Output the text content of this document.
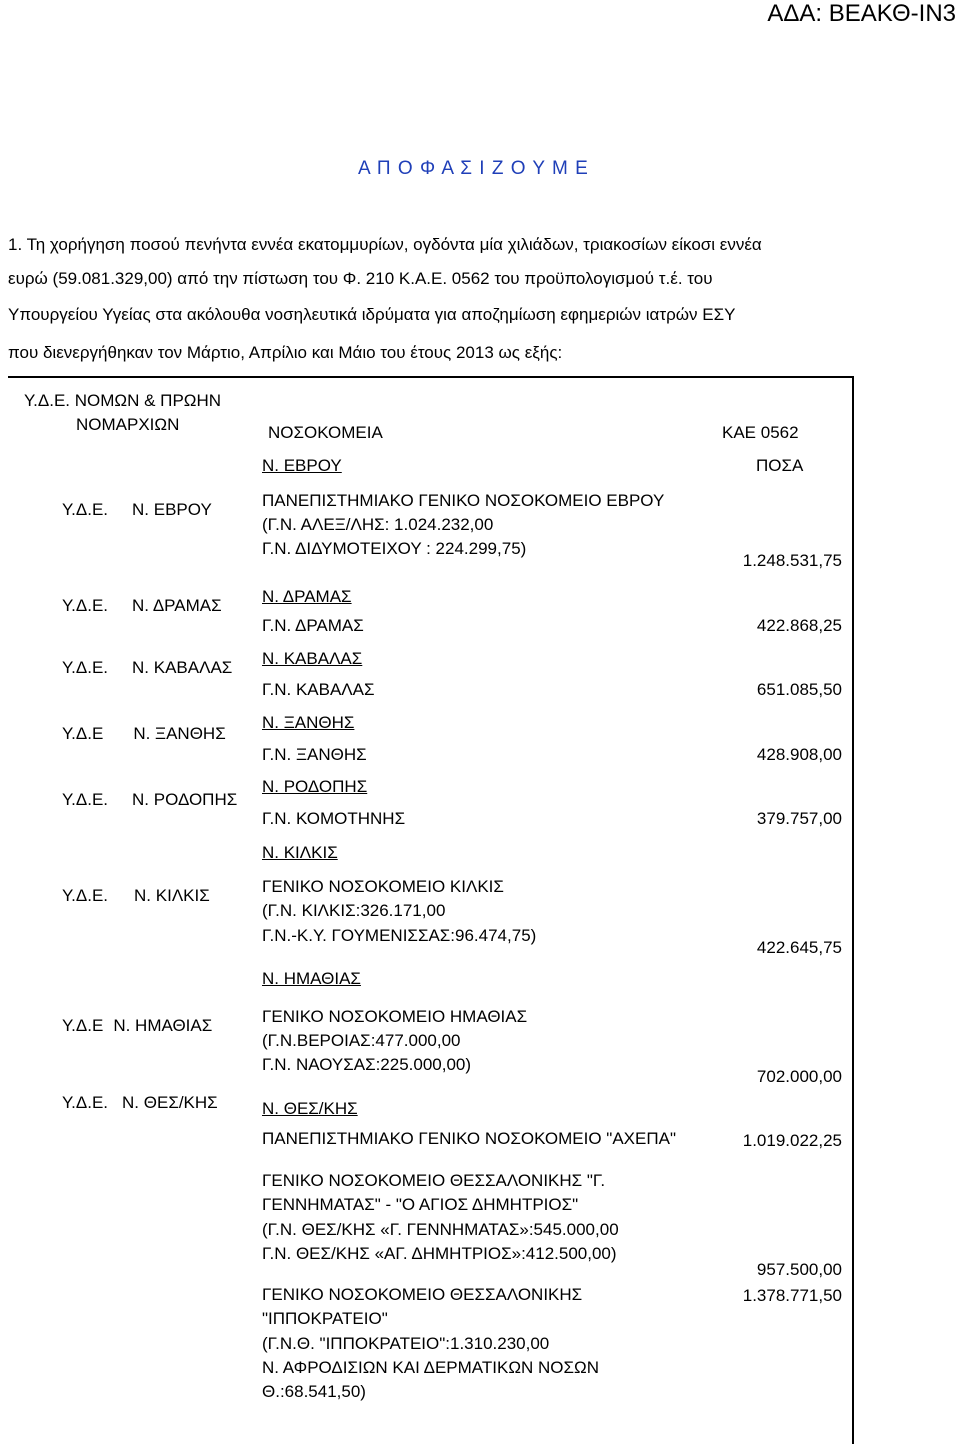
ΑΔΑ: ΒΕΑΚΘ-ΙΝ3
Α Π Ο Φ Α Σ Ι Ζ Ο Υ Μ Ε
1. Τη χορήγηση ποσού πενήντα εννέα εκατομμυρίων, ογδόντα μία χιλιάδων, τριακοσίων είκοσι εννέα
ευρώ (59.081.329,00) από την πίστωση του Φ. 210 Κ.Α.Ε. 0562 του προϋπολογισμού τ.έ. του
Υπουργείου Υγείας στα ακόλουθα νοσηλευτικά ιδρύματα για αποζημίωση εφημεριών ιατρών ΕΣΥ
που διενεργήθηκαν τον Μάρτιο, Απρίλιο και Μάιο του έτους 2013 ως εξής:
Υ.Δ.Ε. ΝΟΜΩΝ & ΠΡΩΗΝ
ΝΟΜΑΡΧΙΩΝ	ΝΟΣΟΚΟΜΕΙΑ	ΚΑΕ 0562
ΠΟΣΑ
Υ.Δ.Ε. Ν. ΕΒΡΟΥ
Υ.Δ.Ε. Ν. ΔΡΑΜΑΣ
Υ.Δ.Ε. Ν. ΚΑΒΑΛΑΣ
Υ.Δ.Ε Ν. ΞΑΝΘΗΣ
Υ.Δ.Ε. Ν. ΡΟΔΟΠΗΣ
Υ.Δ.Ε. Ν. ΚΙΛΚΙΣ
Υ.Δ.Ε Ν. ΗΜΑΘΙΑΣ
Υ.Δ.Ε. Ν. ΘΕΣ/ΚΗΣ
Ν. ΕΒΡΟΥ
ΠΑΝΕΠΙΣΤΗΜΙΑΚΟ ΓΕΝΙΚΟ ΝΟΣΟΚΟΜΕΙΟ ΕΒΡΟΥ
(Γ.Ν. ΑΛΕΞ/ΛΗΣ: 1.024.232,00
Γ.Ν. ΔΙΔΥΜΟΤΕΙΧΟΥ : 224.299,75)
Ν. ΔΡΑΜΑΣ
Γ.Ν. ΔΡΑΜΑΣ
Ν. ΚΑΒΑΛΑΣ
Γ.Ν. ΚΑΒΑΛΑΣ
Ν. ΞΑΝΘΗΣ
Γ.Ν. ΞΑΝΘΗΣ
Ν. ΡΟΔΟΠΗΣ
Γ.Ν. ΚΟΜΟΤΗΝΗΣ
Ν. ΚΙΛΚΙΣ
ΓΕΝΙΚΟ ΝΟΣΟΚΟΜΕΙΟ ΚΙΛΚΙΣ
(Γ.Ν. ΚΙΛΚΙΣ:326.171,00
Γ.Ν.-Κ.Υ. ΓΟΥΜΕΝΙΣΣΑΣ:96.474,75)
Ν. ΗΜΑΘΙΑΣ
ΓΕΝΙΚΟ ΝΟΣΟΚΟΜΕΙΟ ΗΜΑΘΙΑΣ
(Γ.Ν.ΒΕΡΟΙΑΣ:477.000,00
Γ.Ν. ΝΑΟΥΣΑΣ:225.000,00)
Ν. ΘΕΣ/ΚΗΣ
ΠΑΝΕΠΙΣΤΗΜΙΑΚΟ ΓΕΝΙΚΟ ΝΟΣΟΚΟΜΕΙΟ "ΑΧΕΠΑ"
ΓΕΝΙΚΟ ΝΟΣΟΚΟΜΕΙΟ ΘΕΣΣΑΛΟΝΙΚΗΣ "Γ.
ΓΕΝΝΗΜΑΤΑΣ" - "Ο ΑΓΙΟΣ ΔΗΜΗΤΡΙΟΣ"
(Γ.Ν. ΘΕΣ/ΚΗΣ «Γ. ΓΕΝΝΗΜΑΤΑΣ»:545.000,00
Γ.Ν. ΘΕΣ/ΚΗΣ «ΑΓ. ΔΗΜΗΤΡΙΟΣ»:412.500,00)
ΓΕΝΙΚΟ ΝΟΣΟΚΟΜΕΙΟ ΘΕΣΣΑΛΟΝΙΚΗΣ
"ΙΠΠΟΚΡΑΤΕΙΟ"
(Γ.Ν.Θ. "ΙΠΠΟΚΡΑΤΕΙΟ":1.310.230,00
Ν. ΑΦΡΟΔΙΣΙΩΝ ΚΑΙ ΔΕΡΜΑΤΙΚΩΝ ΝΟΣΩΝ
Θ.:68.541,50)
1.248.531,75
422.868,25
651.085,50
428.908,00
379.757,00
422.645,75
702.000,00
1.019.022,25
957.500,00
1.378.771,50
